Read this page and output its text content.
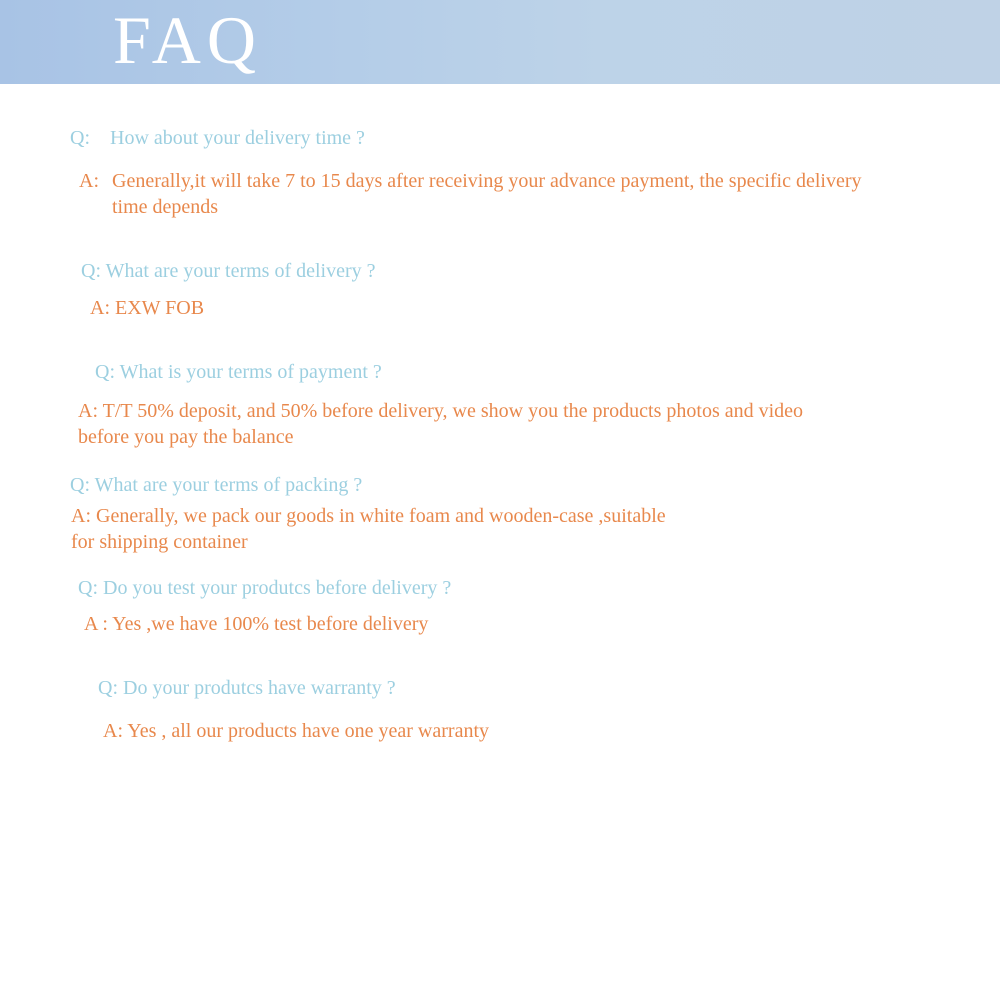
FAQ
Q: How about your delivery time ?
A: Generally,it will take 7 to 15 days after receiving your advance payment, the specific delivery
time depends
Q: What are your terms of delivery ?
A: EXW FOB
Q: What is your terms of payment ?
A: T/T 50% deposit, and 50% before delivery, we show you the products photos and video
before you pay the balance
Q: What are your terms of packing ?
A: Generally, we pack our goods in white foam and wooden-case ,suitable
for shipping container
Q: Do you test your produtcs before delivery ?
A : Yes ,we have 100% test before delivery
Q: Do your produtcs have warranty ?
A: Yes , all our products have one year warranty
